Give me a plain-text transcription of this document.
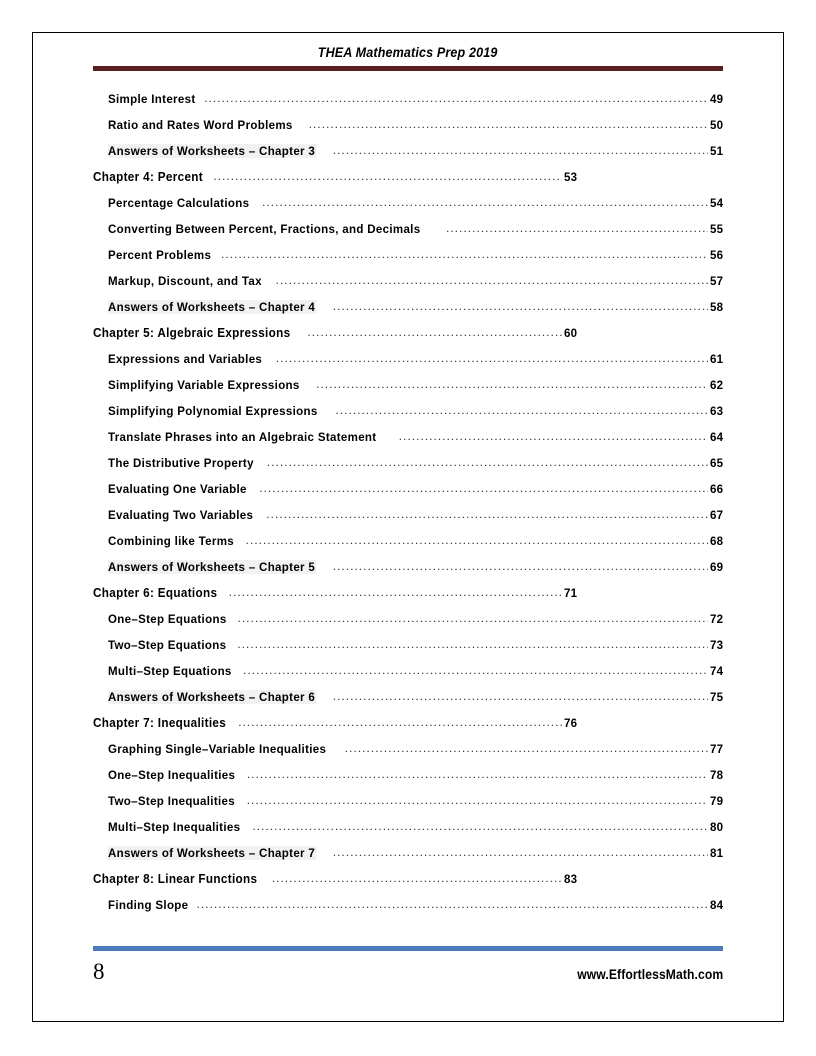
THEA Mathematics Prep 2019
Simple Interest .....	49
Ratio and Rates Word Problems .....	50
Answers of Worksheets – Chapter 3 .....	51
Chapter 4: Percent .....	53
Percentage Calculations .....	54
Converting Between Percent, Fractions, and Decimals .....	55
Percent Problems .....	56
Markup, Discount, and Tax .....	57
Answers of Worksheets – Chapter 4 .....	58
Chapter 5: Algebraic Expressions .....	60
Expressions and Variables .....	61
Simplifying Variable Expressions .....	62
Simplifying Polynomial Expressions .....	63
Translate Phrases into an Algebraic Statement .....	64
The Distributive Property .....	65
Evaluating One Variable .....	66
Evaluating Two Variables .....	67
Combining like Terms .....	68
Answers of Worksheets – Chapter 5 .....	69
Chapter 6: Equations .....	71
One–Step Equations .....	72
Two–Step Equations .....	73
Multi–Step Equations .....	74
Answers of Worksheets – Chapter 6 .....	75
Chapter 7: Inequalities .....	76
Graphing Single–Variable Inequalities .....	77
One–Step Inequalities .....	78
Two–Step Inequalities .....	79
Multi–Step Inequalities .....	80
Answers of Worksheets – Chapter 7 .....	81
Chapter 8: Linear Functions .....	83
Finding Slope .....	84
8	www.EffortlessMath.com
